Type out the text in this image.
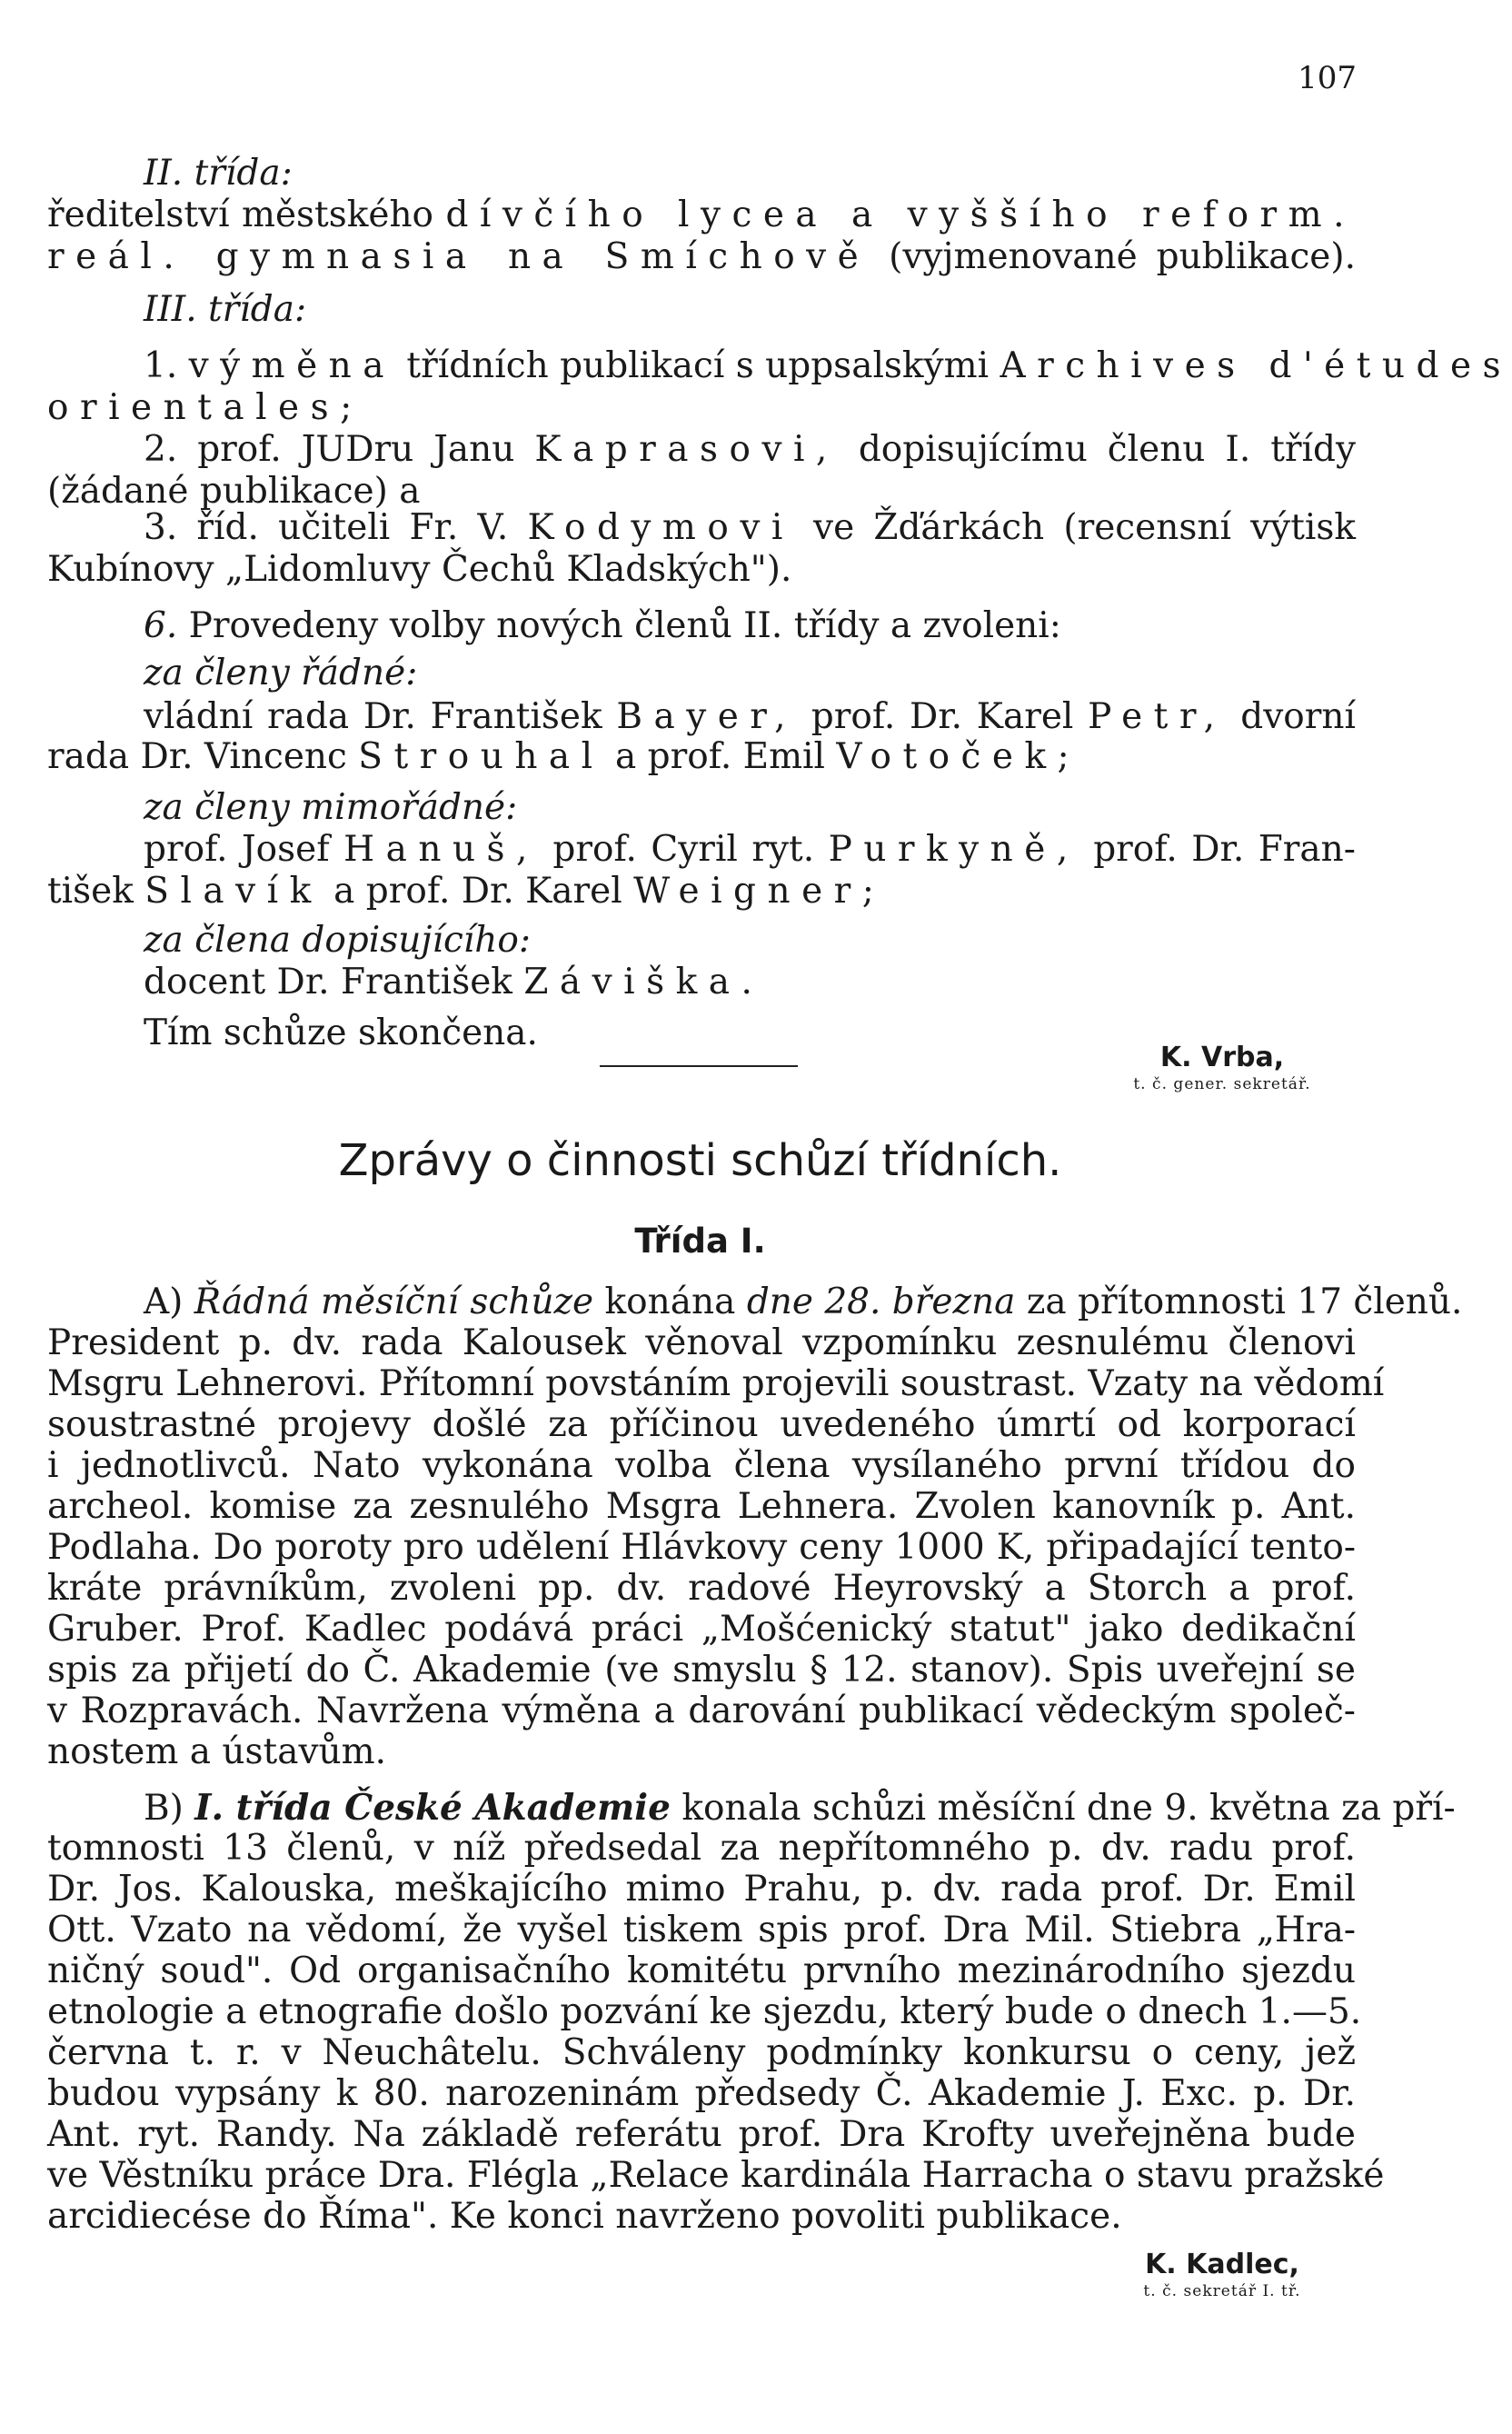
107
II. třída:
ředitelství městského dívčího lycea a vyššího reform.
reál. gymnasia na Smíchově (vyjmenované publikace).
III. třída:
1. výměna třídních publikací s uppsalskými Archives d'études
orientales;
2. prof. JUDru Janu Kaprasovi, dopisujícímu členu I. třídy
(žádané publikace) a
3. říd. učiteli Fr. V. Kodymovi ve Žďárkách (recensní výtisk
Kubínovy „Lidomluvy Čechů Kladských").
6. Provedeny volby nových členů II. třídy a zvoleni:
za členy řádné:
vládní rada Dr. František Bayer, prof. Dr. Karel Petr, dvorní
rada Dr. Vincenc Strouhal a prof. Emil Votoček;
za členy mimořádné:
prof. Josef Hanuš, prof. Cyril ryt. Purkyně, prof. Dr. Fran-
tišek Slavík a prof. Dr. Karel Weigner;
za člena dopisujícího:
docent Dr. František Záviška.
Tím schůze skončena.
K. Vrba,
t. č. gener. sekretář.
Zprávy o činnosti schůzí třídních.
Třída I.
A) Řádná měsíční schůze konána dne 28. března za přítomnosti 17 členů.
President p. dv. rada Kalousek věnoval vzpomínku zesnulému členovi
Msgru Lehnerovi. Přítomní povstáním projevili soustrast. Vzaty na vědomí
soustrastné projevy došlé za příčinou uvedeného úmrtí od korporací
i jednotlivců. Nato vykonána volba člena vysílaného první třídou do
archeol. komise za zesnulého Msgra Lehnera. Zvolen kanovník p. Ant.
Podlaha. Do poroty pro udělení Hlávkovy ceny 1000 K, připadající tento-
kráte právníkům, zvoleni pp. dv. radové Heyrovský a Storch a prof.
Gruber. Prof. Kadlec podává práci „Mošćenický statut" jako dedikační
spis za přijetí do Č. Akademie (ve smyslu § 12. stanov). Spis uveřejní se
v Rozpravách. Navržena výměna a darování publikací vědeckým společ-
nostem a ústavům.
B) I. třída České Akademie konala schůzi měsíční dne 9. května za pří-
tomnosti 13 členů, v níž předsedal za nepřítomného p. dv. radu prof.
Dr. Jos. Kalouska, meškajícího mimo Prahu, p. dv. rada prof. Dr. Emil
Ott. Vzato na vědomí, že vyšel tiskem spis prof. Dra Mil. Stiebra „Hra-
ničný soud". Od organisačního komitétu prvního mezinárodního sjezdu
etnologie a etnografie došlo pozvání ke sjezdu, který bude o dnech 1.—5.
června t. r. v Neuchâtelu. Schváleny podmínky konkursu o ceny, jež
budou vypsány k 80. narozeninám předsedy Č. Akademie J. Exc. p. Dr.
Ant. ryt. Randy. Na základě referátu prof. Dra Krofty uveřejněna bude
ve Věstníku práce Dra. Flégla „Relace kardinála Harracha o stavu pražské
arcidiecése do Říma". Ke konci navrženo povoliti publikace.
K. Kadlec,
t. č. sekretář I. tř.
